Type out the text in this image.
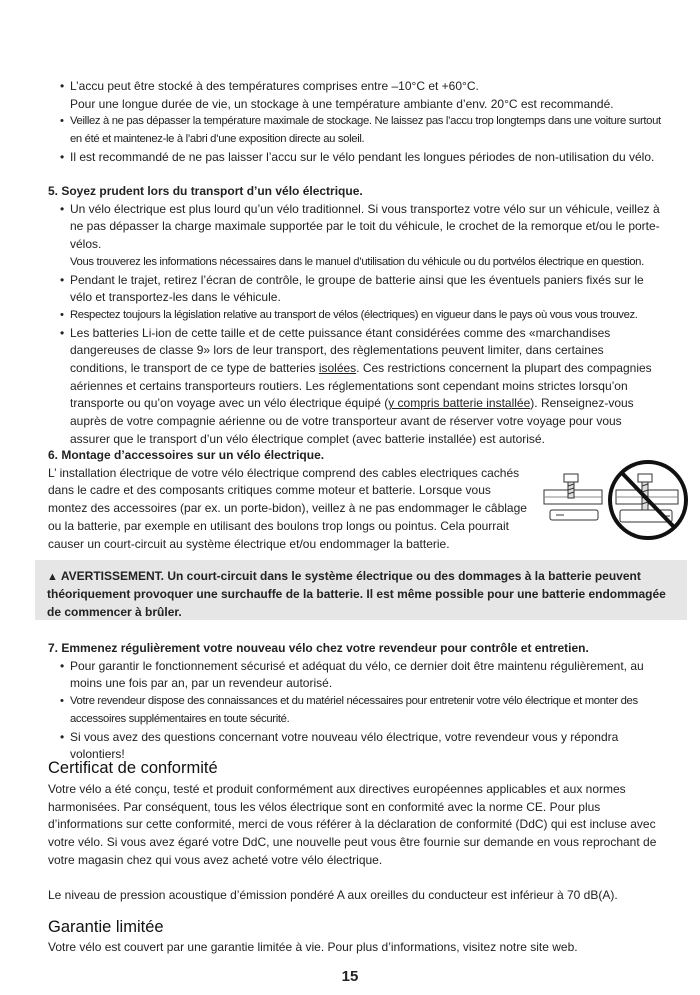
• L’accu peut être stocké à des températures comprises entre –10°C et +60°C.
Pour une longue durée de vie, un stockage à une température ambiante d’env. 20°C est recommandé.
• Veillez à ne pas dépasser la température maximale de stockage. Ne laissez pas l’accu trop longtemps dans une voiture surtout en été et maintenez-le à l’abri d’une exposition directe au soleil.
• Il est recommandé de ne pas laisser l’accu sur le vélo pendant les longues périodes de non-utilisation du vélo.

5. Soyez prudent lors du transport d’un vélo électrique.

• Un vélo électrique est plus lourd qu’un vélo traditionnel. Si vous transportez votre vélo sur un véhicule, veillez à ne pas dépasser la charge maximale supportée par le toit du véhicule, le crochet de la remorque et/ou le porte-vélos.
Vous trouverez les informations nécessaires dans le manuel d’utilisation du véhicule ou du portvélos électrique en question.
• Pendant le trajet, retirez l’écran de contrôle, le groupe de batterie ainsi que les éventuels paniers fixés sur le vélo et transportez-les dans le véhicule.
• Respectez toujours la législation relative au transport de vélos (électriques) en vigueur dans le pays où vous vous trouvez.
• Les batteries Li-ion de cette taille et de cette puissance étant considérées comme des «marchandises dangereuses de classe 9» lors de leur transport, des règlementations peuvent limiter, dans certaines conditions, le transport de ce type de batteries isolées. Ces restrictions concernent la plupart des compagnies aériennes et certains transporteurs routiers. Les réglementations sont cependant moins strictes lorsqu’on transporte ou qu’on voyage avec un vélo électrique équipé (y compris batterie installée). Renseignez-vous auprès de votre compagnie aérienne ou de votre transporteur avant de réserver votre voyage pour vous assurer que le transport d’un vélo électrique complet (avec batterie installée) est autorisé.

6. Montage d’accessoires sur un vélo électrique.

L’ installation électrique de votre vélo électrique comprend des cables electriques cachés dans le cadre et des composants critiques comme moteur et batterie. Lorsque vous montez des accessoires (par ex. un porte-bidon), veillez à ne pas endommager le câblage ou la batterie, par exemple en utilisant des boulons trop longs ou pointus. Cela pourrait causer un court-circuit au système électrique et/ou endommager la batterie.

▲ AVERTISSEMENT. Un court-circuit dans le système électrique ou des dommages à la batterie peuvent théoriquement provoquer une surchauffe de la batterie. Il est même possible pour une batterie endommagée de commencer à brûler.

7. Emmenez régulièrement votre nouveau vélo chez votre revendeur pour contrôle et entretien.

• Pour garantir le fonctionnement sécurisé et adéquat du vélo, ce dernier doit être maintenu régulièrement, au moins une fois par an, par un revendeur autorisé.
• Votre revendeur dispose des connaissances et du matériel nécessaires pour entretenir votre vélo électrique et monter des accessoires supplémentaires en toute sécurité.
• Si vous avez des questions concernant votre nouveau vélo électrique, votre revendeur vous y répondra volontiers!
Certificat de conformité

Votre vélo a été conçu, testé et produit conformément aux directives européennes applicables et aux normes harmonisées. Par conséquent, tous les vélos électrique sont en conformité avec la norme CE. Pour plus d’informations sur cette conformité, merci de vous référer à la déclaration de conformité (DdC) qui est incluse avec votre vélo. Si vous avez égaré votre DdC, une nouvelle peut vous être fournie sur demande en vous reprochant de votre magasin chez qui vous avez acheté votre vélo électrique.

Le niveau de pression acoustique d’émission pondéré A aux oreilles du conducteur est inférieur à 70 dB(A).

Garantie limitée

Votre vélo est couvert par une garantie limitée à vie. Pour plus d’informations, visitez notre site web.

15
